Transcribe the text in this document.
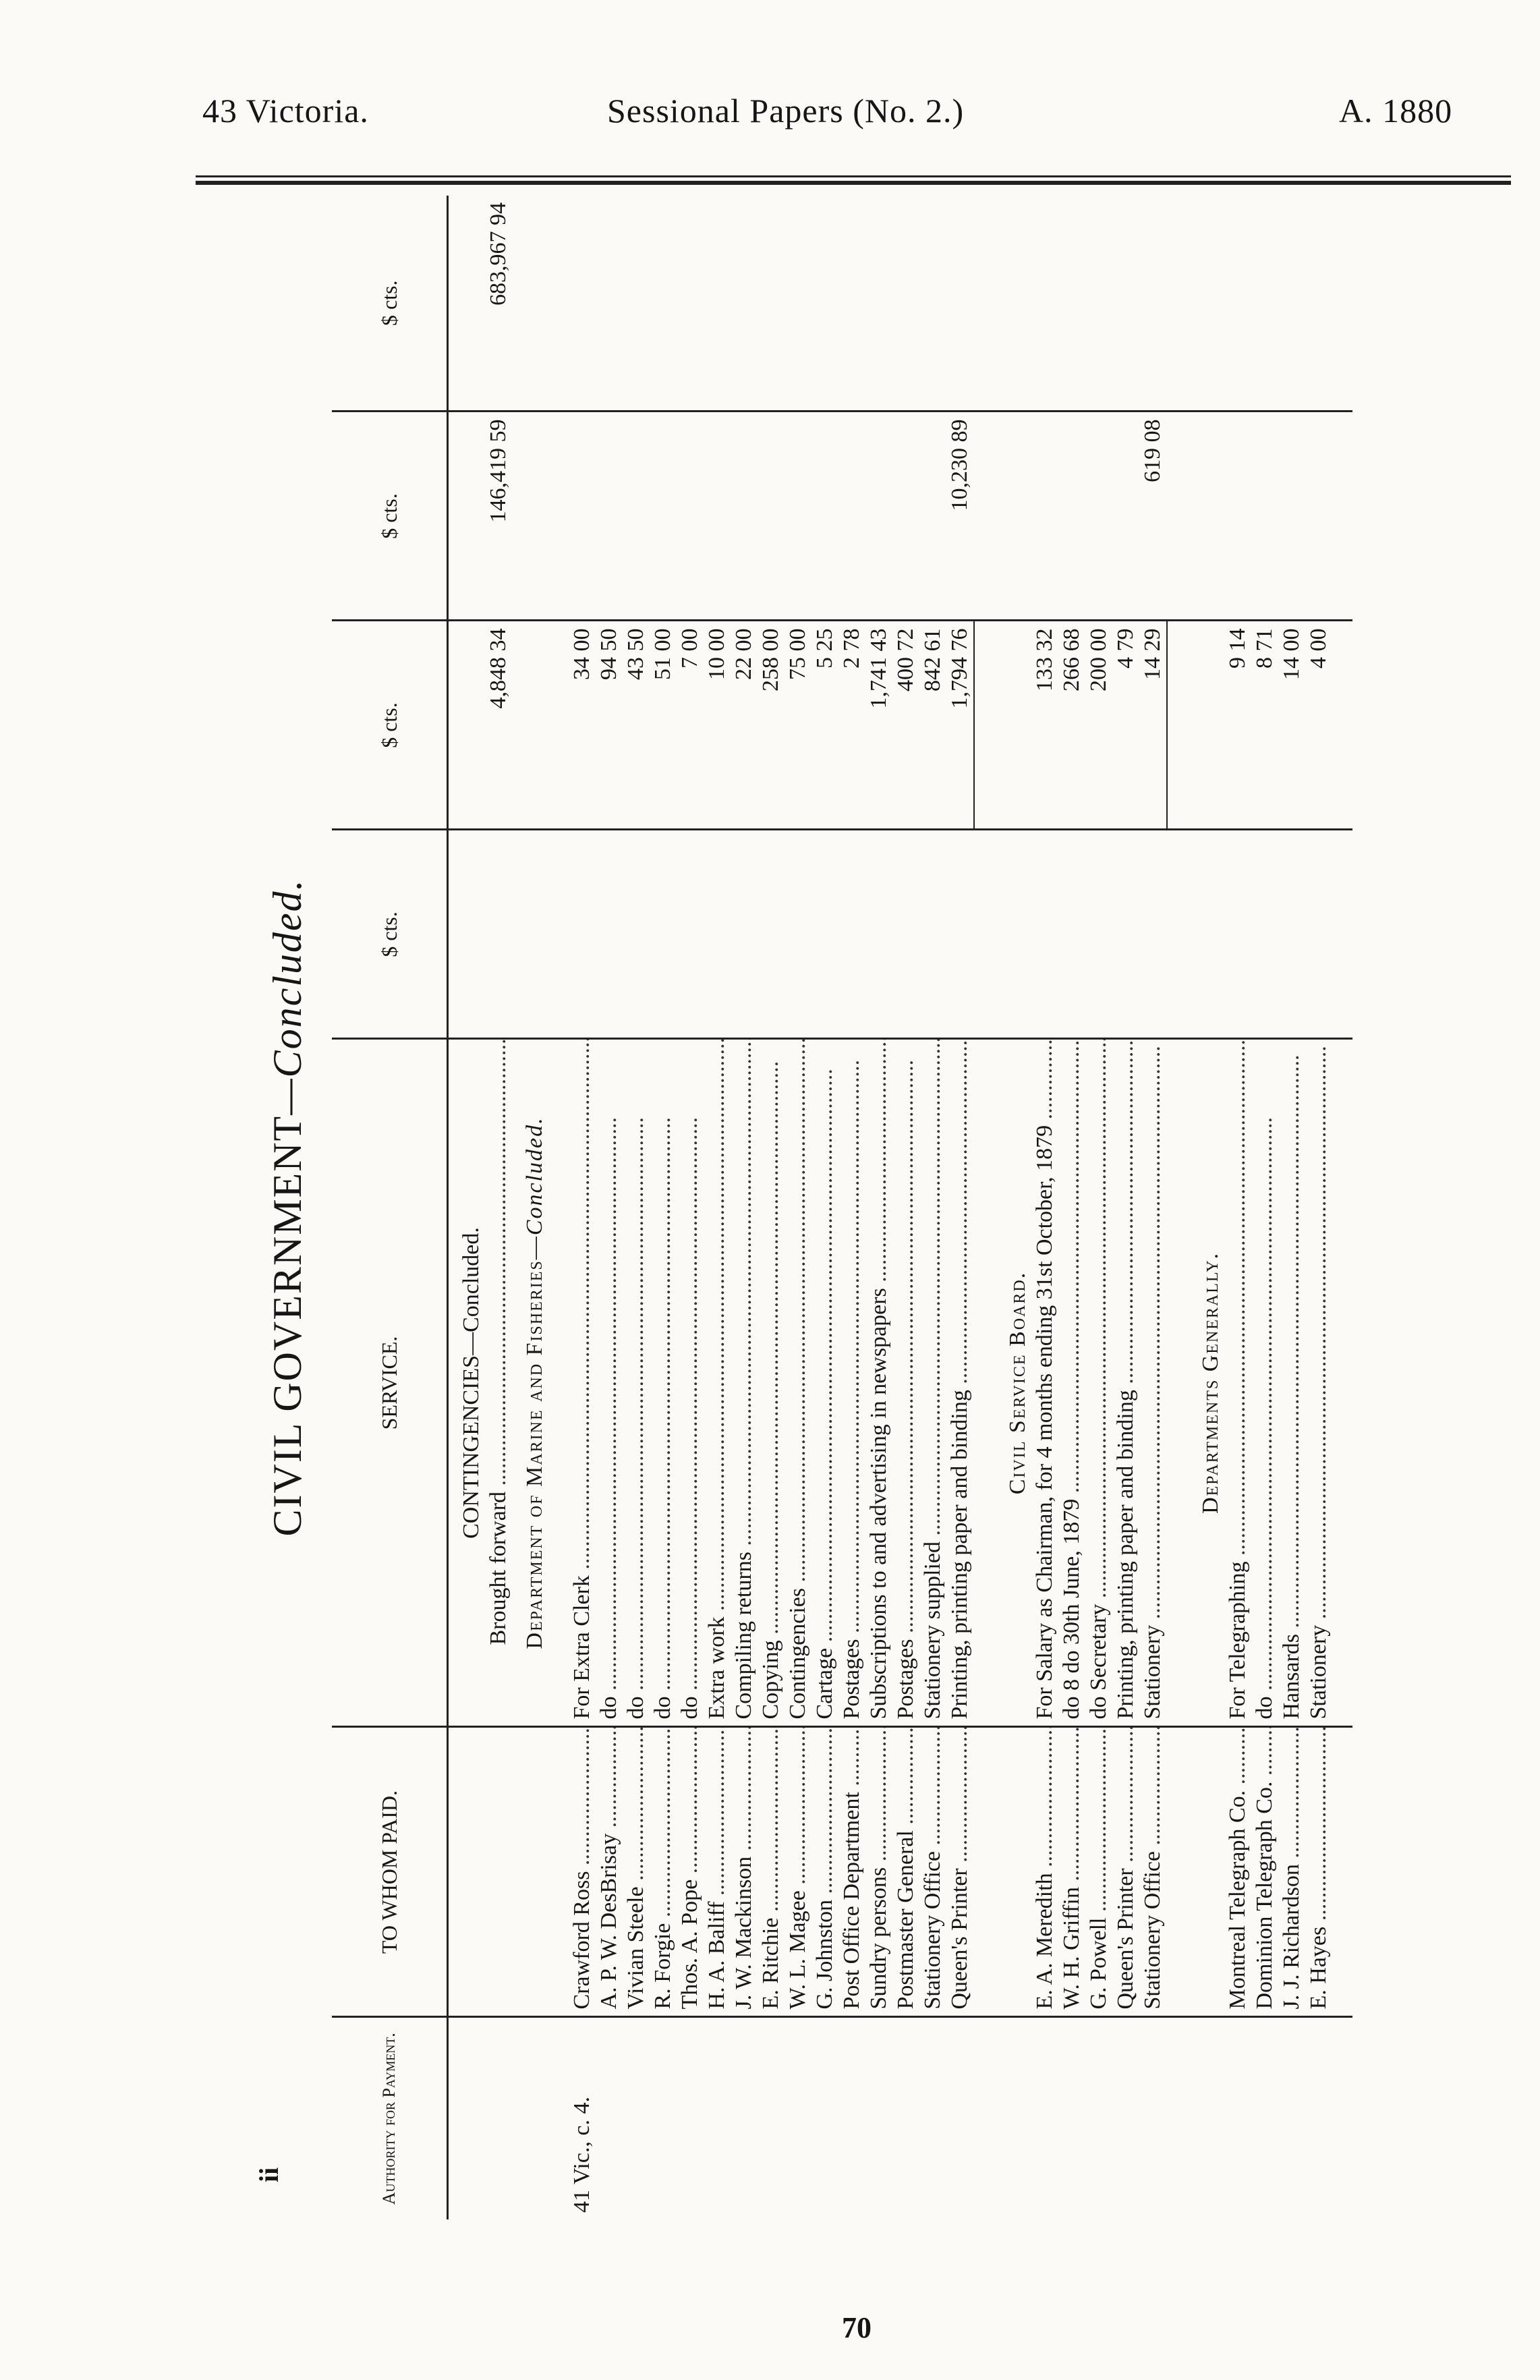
43 Victoria.	Sessional Papers (No. 2.)	A. 1880
CIVIL GOVERNMENT—Concluded.
Authority for Payment.	TO WHOM PAID.	SERVICE.	$ cts.	$ cts.	$ cts.	$ cts.
		CONTINGENCIES—Concluded.				
		Brought forward .....		4,848 34	146,419 59	683,967 94
		Department of Marine and Fisheries—Concluded.				

41 Vic., c. 4.	Crawford Ross .....	For Extra Clerk .....		34 00		
	A. P. W. DesBrisay .....	do .....		94 50		
	Vivian Steele .....	do .....		43 50		
	R. Forgie .....	do .....		51 00		
	Thos. A. Pope .....	do .....		7 00		
	H. A. Baliff .....	Extra work .....		10 00		
	J. W. Mackinson .....	Compiling returns .....		22 00		
	E. Ritchie .....	Copying .....		258 00		
	W. L. Magee .....	Contingencies .....		75 00		
	G. Johnston .....	Cartage .....		5 25		
	Post Office Department .....	Postages .....		2 78		
	Sundry persons .....	Subscriptions to and advertising in newspapers .....		1,741 43		
	Postmaster General .....	Postages .....		400 72		
	Stationery Office .....	Stationery supplied .....		842 61		
	Queen's Printer .....	Printing, printing paper and binding .....		1,794 76	10,230 89	

		Civil Service Board.				
	E. A. Meredith .....	For Salary as Chairman, for 4 months ending 31st October, 1879 .....		133 32		
	W. H. Griffin .....	do 8 do 30th June, 1879 .....		266 68		
	G. Powell .....	do Secretary .....		200 00		
	Queen's Printer .....	Printing, printing paper and binding .....		4 79		
	Stationery Office .....	Stationery .....		14 29	619 08	

		Departments Generally.				
	Montreal Telegraph Co. .....	For Telegraphing .....		9 14		
	Dominion Telegraph Co. .....	do .....		8 71		
	J. J. Richardson .....	Hansards .....		14 00		
	E. Hayes .....	Stationery .....		4 00		

ii
70
